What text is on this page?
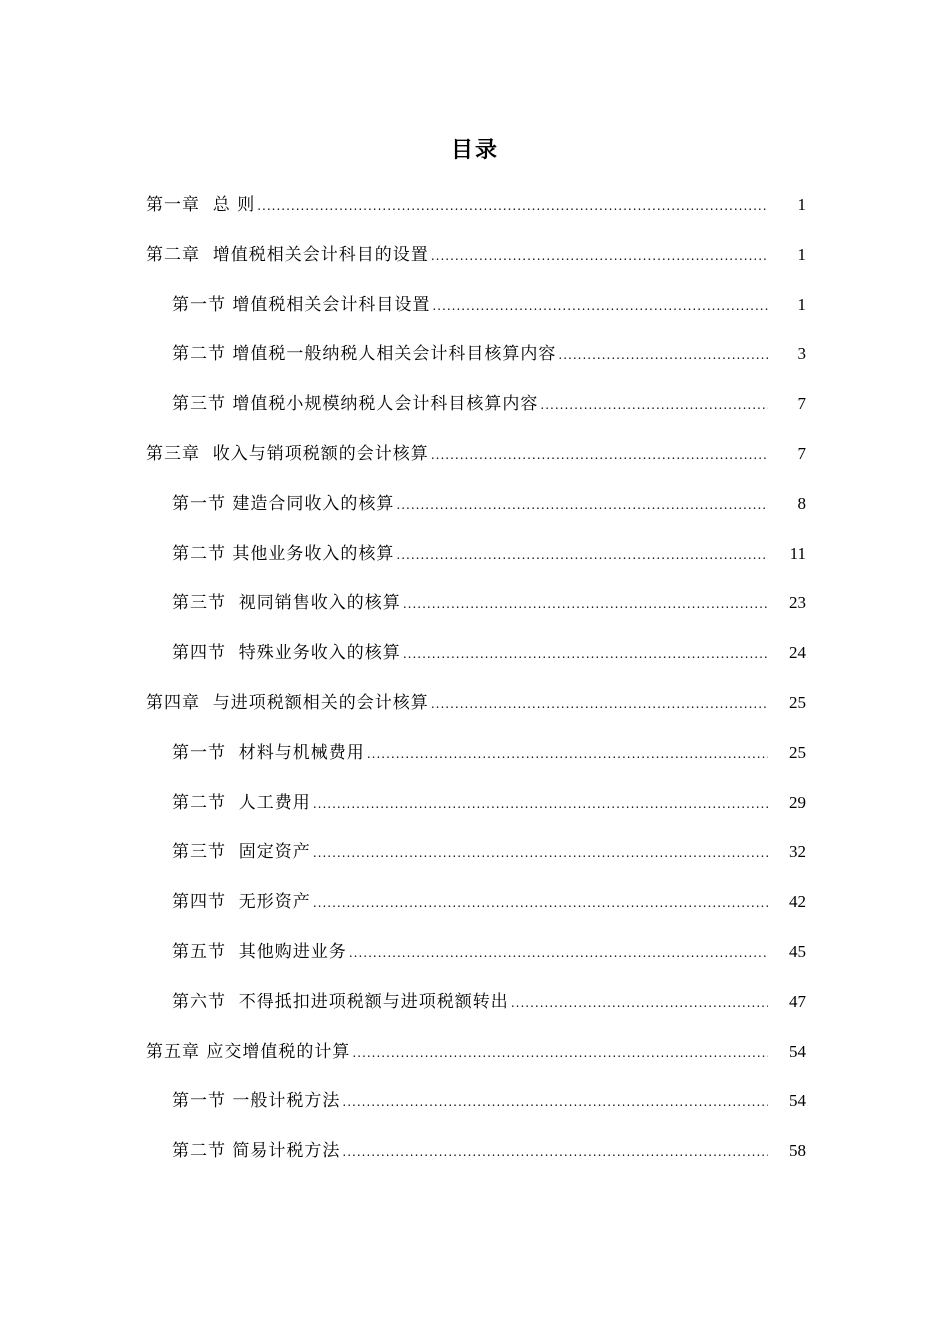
目录
第一章  总 则 .....	1
第二章  增值税相关会计科目的设置 .....	1
第一节 增值税相关会计科目设置 .....	1
第二节 增值税一般纳税人相关会计科目核算内容 .....	3
第三节 增值税小规模纳税人会计科目核算内容 .....	7
第三章  收入与销项税额的会计核算 .....	7
第一节 建造合同收入的核算 .....	8
第二节 其他业务收入的核算 .....	11
第三节  视同销售收入的核算 .....	23
第四节  特殊业务收入的核算 .....	24
第四章  与进项税额相关的会计核算 .....	25
第一节  材料与机械费用 .....	25
第二节  人工费用 .....	29
第三节  固定资产 .....	32
第四节  无形资产 .....	42
第五节  其他购进业务 .....	45
第六节  不得抵扣进项税额与进项税额转出 .....	47
第五章 应交增值税的计算 .....	54
第一节 一般计税方法 .....	54
第二节 简易计税方法 .....	58
